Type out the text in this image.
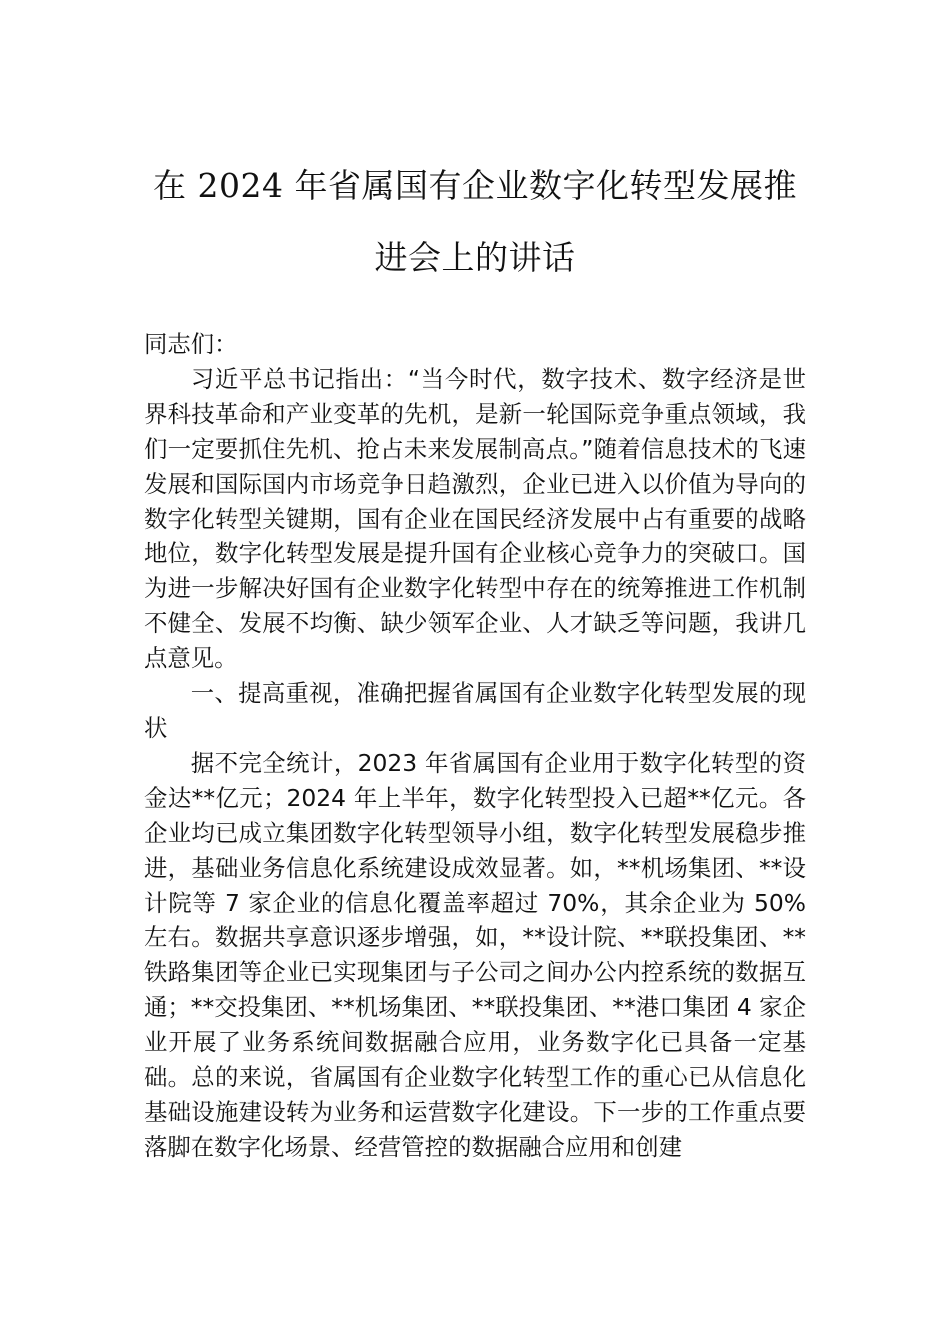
在 2024 年省属国有企业数字化转型发展推
进会上的讲话

同志们：

习近平总书记指出：“当今时代，数字技术、数字经济是世界科技革命和产业变革的先机，是新一轮国际竞争重点领域，我们一定要抓住先机、抢占未来发展制高点。”随着信息技术的飞速发展和国际国内市场竞争日趋激烈，企业已进入以价值为导向的数字化转型关键期，国有企业在国民经济发展中占有重要的战略地位，数字化转型发展是提升国有企业核心竞争力的突破口。国为进一步解决好国有企业数字化转型中存在的统筹推进工作机制不健全、发展不均衡、缺少领军企业、人才缺乏等问题，我讲几点意见。

一、提高重视，准确把握省属国有企业数字化转型发展的现状

据不完全统计，2023 年省属国有企业用于数字化转型的资金达**亿元；2024 年上半年，数字化转型投入已超**亿元。各企业均已成立集团数字化转型领导小组，数字化转型发展稳步推进，基础业务信息化系统建设成效显著。如，**机场集团、**设计院等 7 家企业的信息化覆盖率超过 70%，其余企业为 50%左右。数据共享意识逐步增强，如，**设计院、**联投集团、**铁路集团等企业已实现集团与子公司之间办公内控系统的数据互通；**交投集团、**机场集团、**联投集团、**港口集团 4 家企业开展了业务系统间数据融合应用，业务数字化已具备一定基础。总的来说，省属国有企业数字化转型工作的重心已从信息化基础设施建设转为业务和运营数字化建设。下一步的工作重点要落脚在数字化场景、经营管控的数据融合应用和创建
